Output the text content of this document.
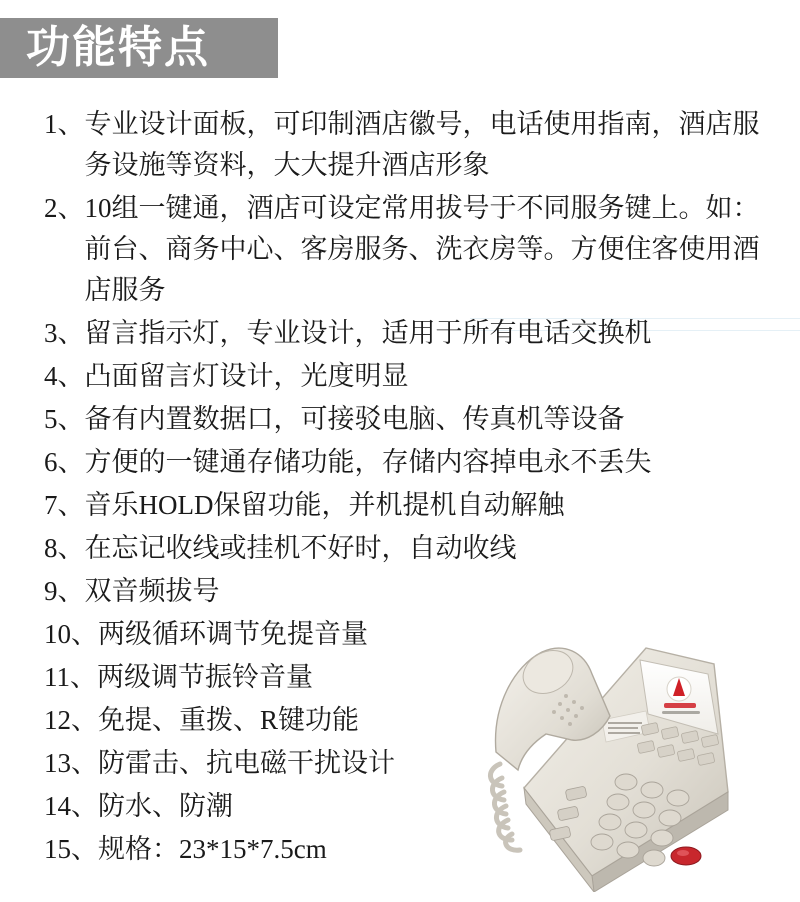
功能特点
1、 专业设计面板，可印制酒店徽号，电话使用指南，酒店服务设施等资料，大大提升酒店形象
2、 10组一键通，酒店可设定常用拔号于不同服务键上。如：前台、商务中心、客房服务、洗衣房等。方便住客使用酒店服务
3、 留言指示灯，专业设计，适用于所有电话交换机
4、 凸面留言灯设计，光度明显
5、 备有内置数据口，可接驳电脑、传真机等设备
6、 方便的一键通存储功能，存储内容掉电永不丢失
7、 音乐HOLD保留功能，并机提机自动解触
8、 在忘记收线或挂机不好时，自动收线
9、 双音频拔号
10、 两级循环调节免提音量
11、 两级调节振铃音量
12、 免提、重拨、R键功能
13、 防雷击、抗电磁干扰设计
14、 防水、防潮
15、 规格：23*15*7.5cm
